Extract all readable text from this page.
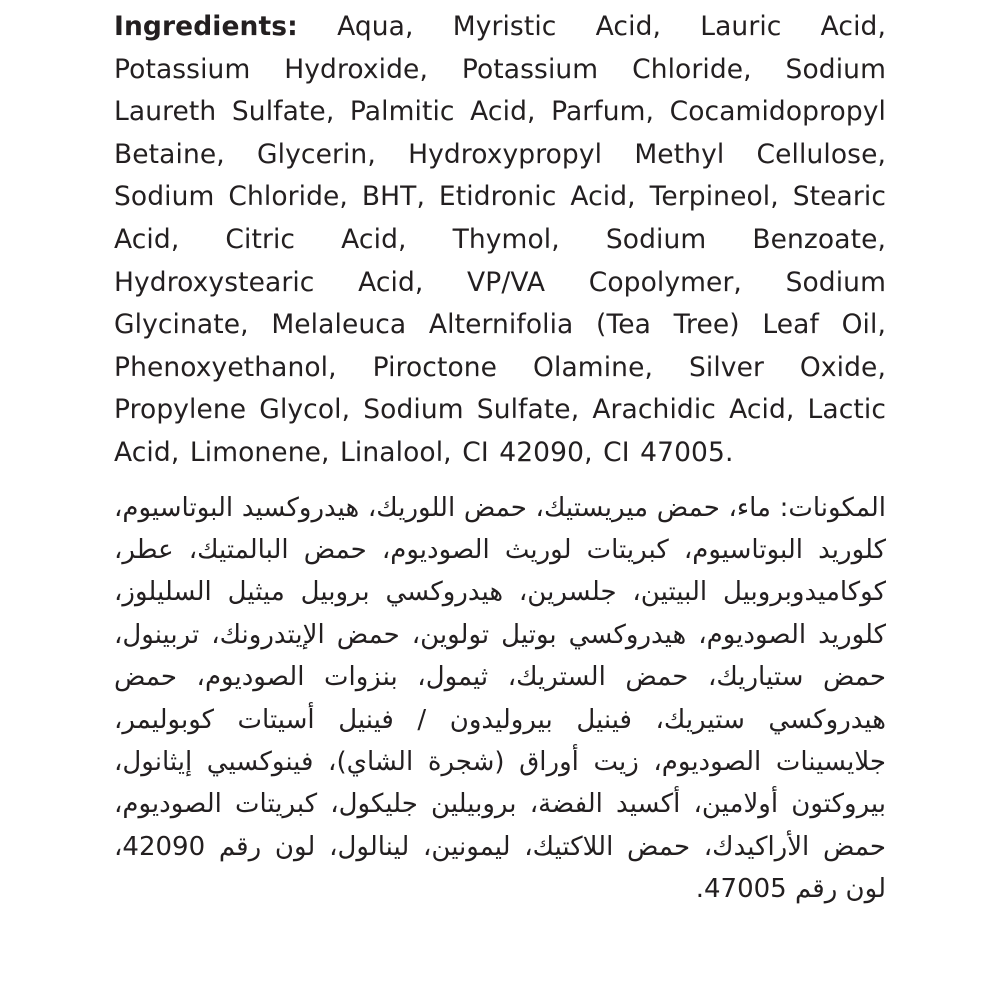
Ingredients: Aqua, Myristic Acid, Lauric Acid, Potassium Hydroxide, Potassium Chloride, Sodium Laureth Sulfate, Palmitic Acid, Parfum, Cocamidopropyl Betaine, Glycerin, Hydroxypropyl Methyl Cellulose, Sodium Chloride, BHT, Etidronic Acid, Terpineol, Stearic Acid, Citric Acid, Thymol, Sodium Benzoate, Hydroxystearic Acid, VP/VA Copolymer, Sodium Glycinate, Melaleuca Alternifolia (Tea Tree) Leaf Oil, Phenoxyethanol, Piroctone Olamine, Silver Oxide, Propylene Glycol, Sodium Sulfate, Arachidic Acid, Lactic Acid, Limonene, Linalool, CI 42090, CI 47005.
المكونات: ماء، حمض ميريستيك، حمض اللوريك، هيدروكسيد البوتاسيوم، كلوريد البوتاسيوم، كبريتات لوريث الصوديوم، حمض البالمتيك، عطر، كوكاميدوبروبيل البيتين، جلسرين، هيدروكسي بروبيل ميثيل السليلوز، كلوريد الصوديوم، هيدروكسي بوتيل تولوين، حمض الإيتدرونك، تربينول، حمض ستياريك، حمض الستريك، ثيمول، بنزوات الصوديوم، حمض هيدروكسي ستيريك، فينيل بيروليدون / فينيل أسيتات كوبوليمر، جلايسينات الصوديوم، زيت أوراق (شجرة الشاي)، فينوكسيي إيثانول، بيروكتون أولامين، أكسيد الفضة، بروبيلين جليكول، كبريتات الصوديوم، حمض الأراكيدك، حمض اللاكتيك، ليمونين، لينالول، لون رقم 42090، لون رقم 47005.
